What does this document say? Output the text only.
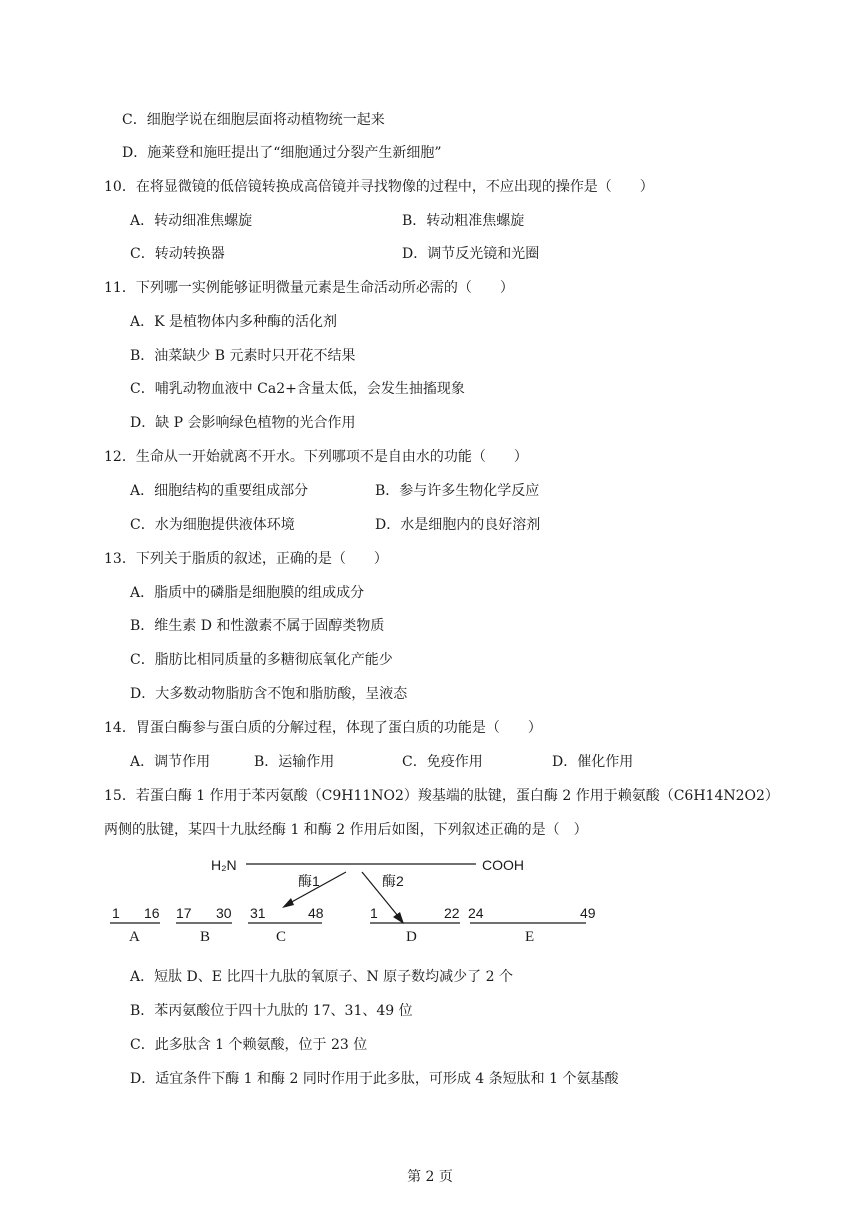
C．细胞学说在细胞层面将动植物统一起来
D．施莱登和施旺提出了“细胞通过分裂产生新细胞”
10．在将显微镜的低倍镜转换成高倍镜并寻找物像的过程中，不应出现的操作是（　　）
A．转动细准焦螺旋	B．转动粗准焦螺旋
C．转动转换器	D．调节反光镜和光圈
11．下列哪一实例能够证明微量元素是生命活动所必需的（　　）
A．K 是植物体内多种酶的活化剂
B．油菜缺少 B 元素时只开花不结果
C．哺乳动物血液中 Ca2+含量太低，会发生抽搐现象
D．缺 P 会影响绿色植物的光合作用
12．生命从一开始就离不开水。下列哪项不是自由水的功能（　　）
A．细胞结构的重要组成部分	B．参与许多生物化学反应
C．水为细胞提供液体环境	D．水是细胞内的良好溶剂
13．下列关于脂质的叙述，正确的是（　　）
A．脂质中的磷脂是细胞膜的组成成分
B．维生素 D 和性激素不属于固醇类物质
C．脂肪比相同质量的多糖彻底氧化产能少
D．大多数动物脂肪含不饱和脂肪酸，呈液态
14．胃蛋白酶参与蛋白质的分解过程，体现了蛋白质的功能是（　　）
A．调节作用	B．运输作用	C．免疫作用	D．催化作用
15．若蛋白酶 1 作用于苯丙氨酸（C9H11NO2）羧基端的肽键，蛋白酶 2 作用于赖氨酸（C6H14N2O2）
两侧的肽键，某四十九肽经酶 1 和酶 2 作用后如图，下列叙述正确的是（　）
H₂N	COOH
酶1	酶2
1 16
A
17 30
B
31	48
C
1	22
D
24	49
E
A．短肽 D、E 比四十九肽的氧原子、N 原子数均减少了 2 个
B．苯丙氨酸位于四十九肽的 17、31、49 位
C．此多肽含 1 个赖氨酸，位于 23 位
D．适宜条件下酶 1 和酶 2 同时作用于此多肽，可形成 4 条短肽和 1 个氨基酸
第 2 页
